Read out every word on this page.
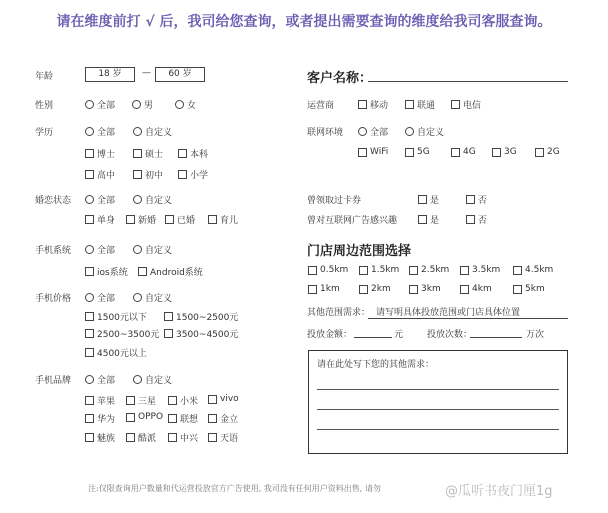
请在维度前打 √ 后，我司给您查询，或者提出需要查询的维度给我司客服查询。
年龄	18 岁	—	60 岁	客户名称：
门店周边范围选择
其他范围需求： 请写明具体投放范围或门店具体位置
投放金额：	元	投放次数：	万次
请在此处写下您的其他需求：
注:仅限查询用户数量和代运营投放官方广告使用, 我司没有任何用户资料出售, 请勿	@瓜听书夜门厘1g
性别	全部	男	女
学历	全部	自定义
博士	硕士	本科
高中	初中	小学
婚恋状态	全部	自定义
单身	新婚 已婚	育儿
手机系统	全部	自定义
ios系统 Android系统
手机价格	全部	自定义
1500元以下	1500~2500元
2500~3500元 3500~4500元
4500元以上
手机品牌	全部	自定义
苹果	三星	小米 vivo
华为	OPPO 联想 金立
魅族	酷派	中兴 天语
运营商	移动	联通	电信
联网环境	全部	自定义
WiFi	5G	4G	3G	2G
曾领取过卡券	是	否
曾对互联网广告感兴趣	是	否
0.5km	1.5km 2.5km	3.5km	4.5km
1km	2km	3km	4km	5km
